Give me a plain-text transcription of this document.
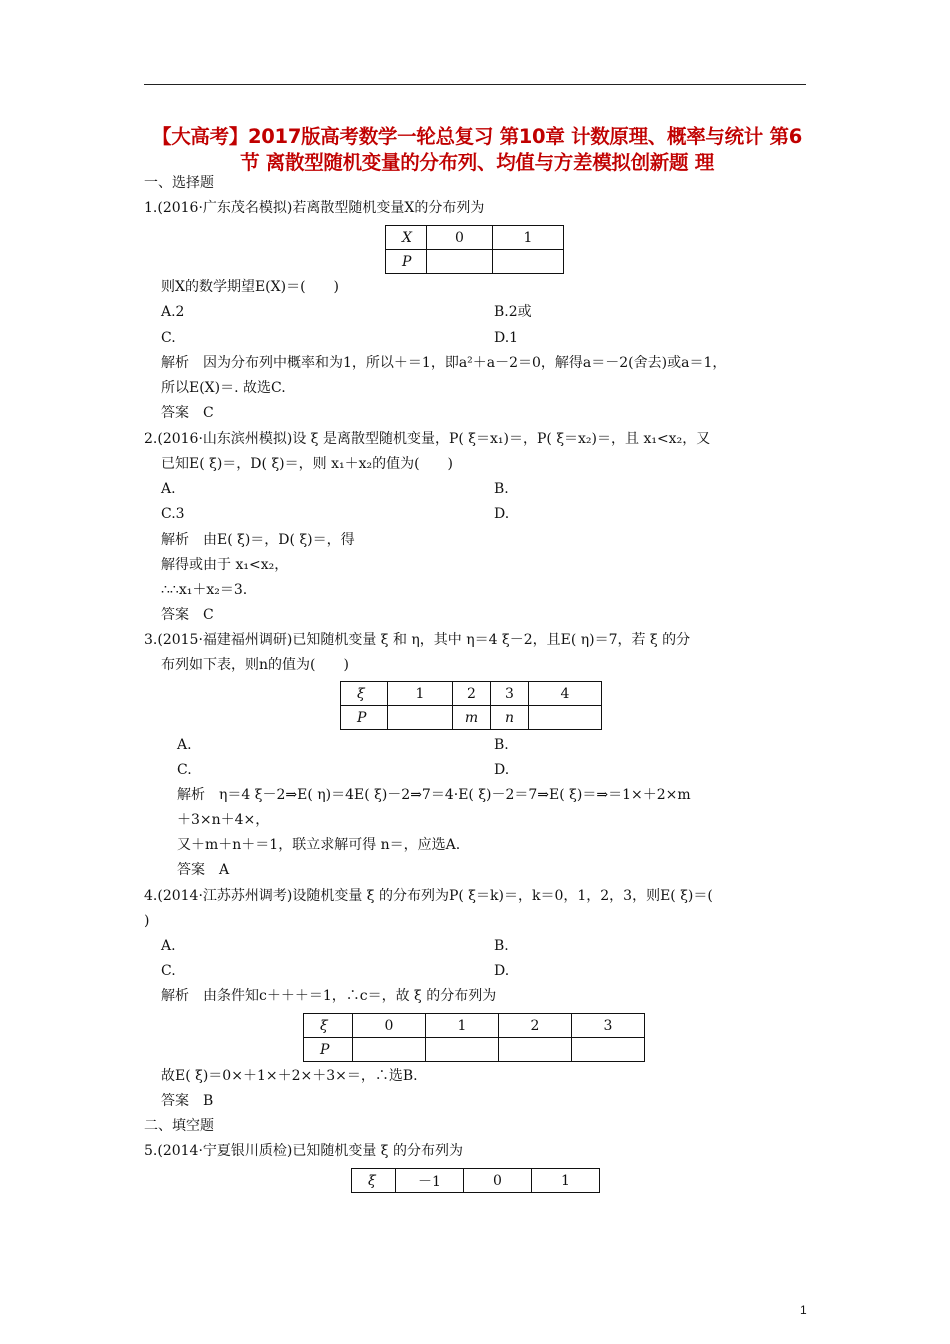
【大高考】2017版高考数学一轮总复习 第10章 计数原理、概率与统计 第6节 离散型随机变量的分布列、均值与方差模拟创新题 理
一、选择题
1.(2016·广东茂名模拟)若离散型随机变量X的分布列为
X	0	1
P		
则X的数学期望E(X)＝(　　)
A.2	B.2或
C.	D.1
解析　因为分布列中概率和为1，所以＋＝1，即a²＋a－2＝0，解得a＝－2(舍去)或a＝1，
所以E(X)＝. 故选C.
答案　C
2.(2016·山东滨州模拟)设 ξ 是离散型随机变量，P( ξ＝x₁)＝，P( ξ＝x₂)＝，且 x₁<x₂，又
已知E( ξ)＝，D( ξ)＝，则 x₁＋x₂的值为(　　)
A.	B.
C.3	D.
解析　由E( ξ)＝，D( ξ)＝，得
解得或由于 x₁<x₂，
∴∴x₁＋x₂＝3.
答案　C
3.(2015·福建福州调研)已知随机变量 ξ 和 η，其中 η＝4 ξ－2，且E( η)＝7，若 ξ 的分
布列如下表，则n的值为(　　)
ξ	1	2	3	4
P		m	n	
A.	B.
C.	D.
解析　η＝4 ξ－2⇒E( η)＝4E( ξ)－2⇒7＝4·E( ξ)－2＝7⇒E( ξ)＝⇒＝1×＋2×m
＋3×n＋4×，
又＋m＋n＋＝1，联立求解可得 n＝，应选A.
答案　A
4.(2014·江苏苏州调考)设随机变量 ξ 的分布列为P( ξ＝k)＝，k＝0，1，2，3，则E( ξ)＝(
)
A.	B.
C.	D.
解析　由条件知c＋＋＋＝1，∴c＝，故 ξ 的分布列为
ξ	0	1	2	3
P				
故E( ξ)＝0×＋1×＋2×＋3×＝，∴选B.
答案　B
二、填空题
5.(2014·宁夏银川质检)已知随机变量 ξ 的分布列为
ξ	－1	0	1
1
